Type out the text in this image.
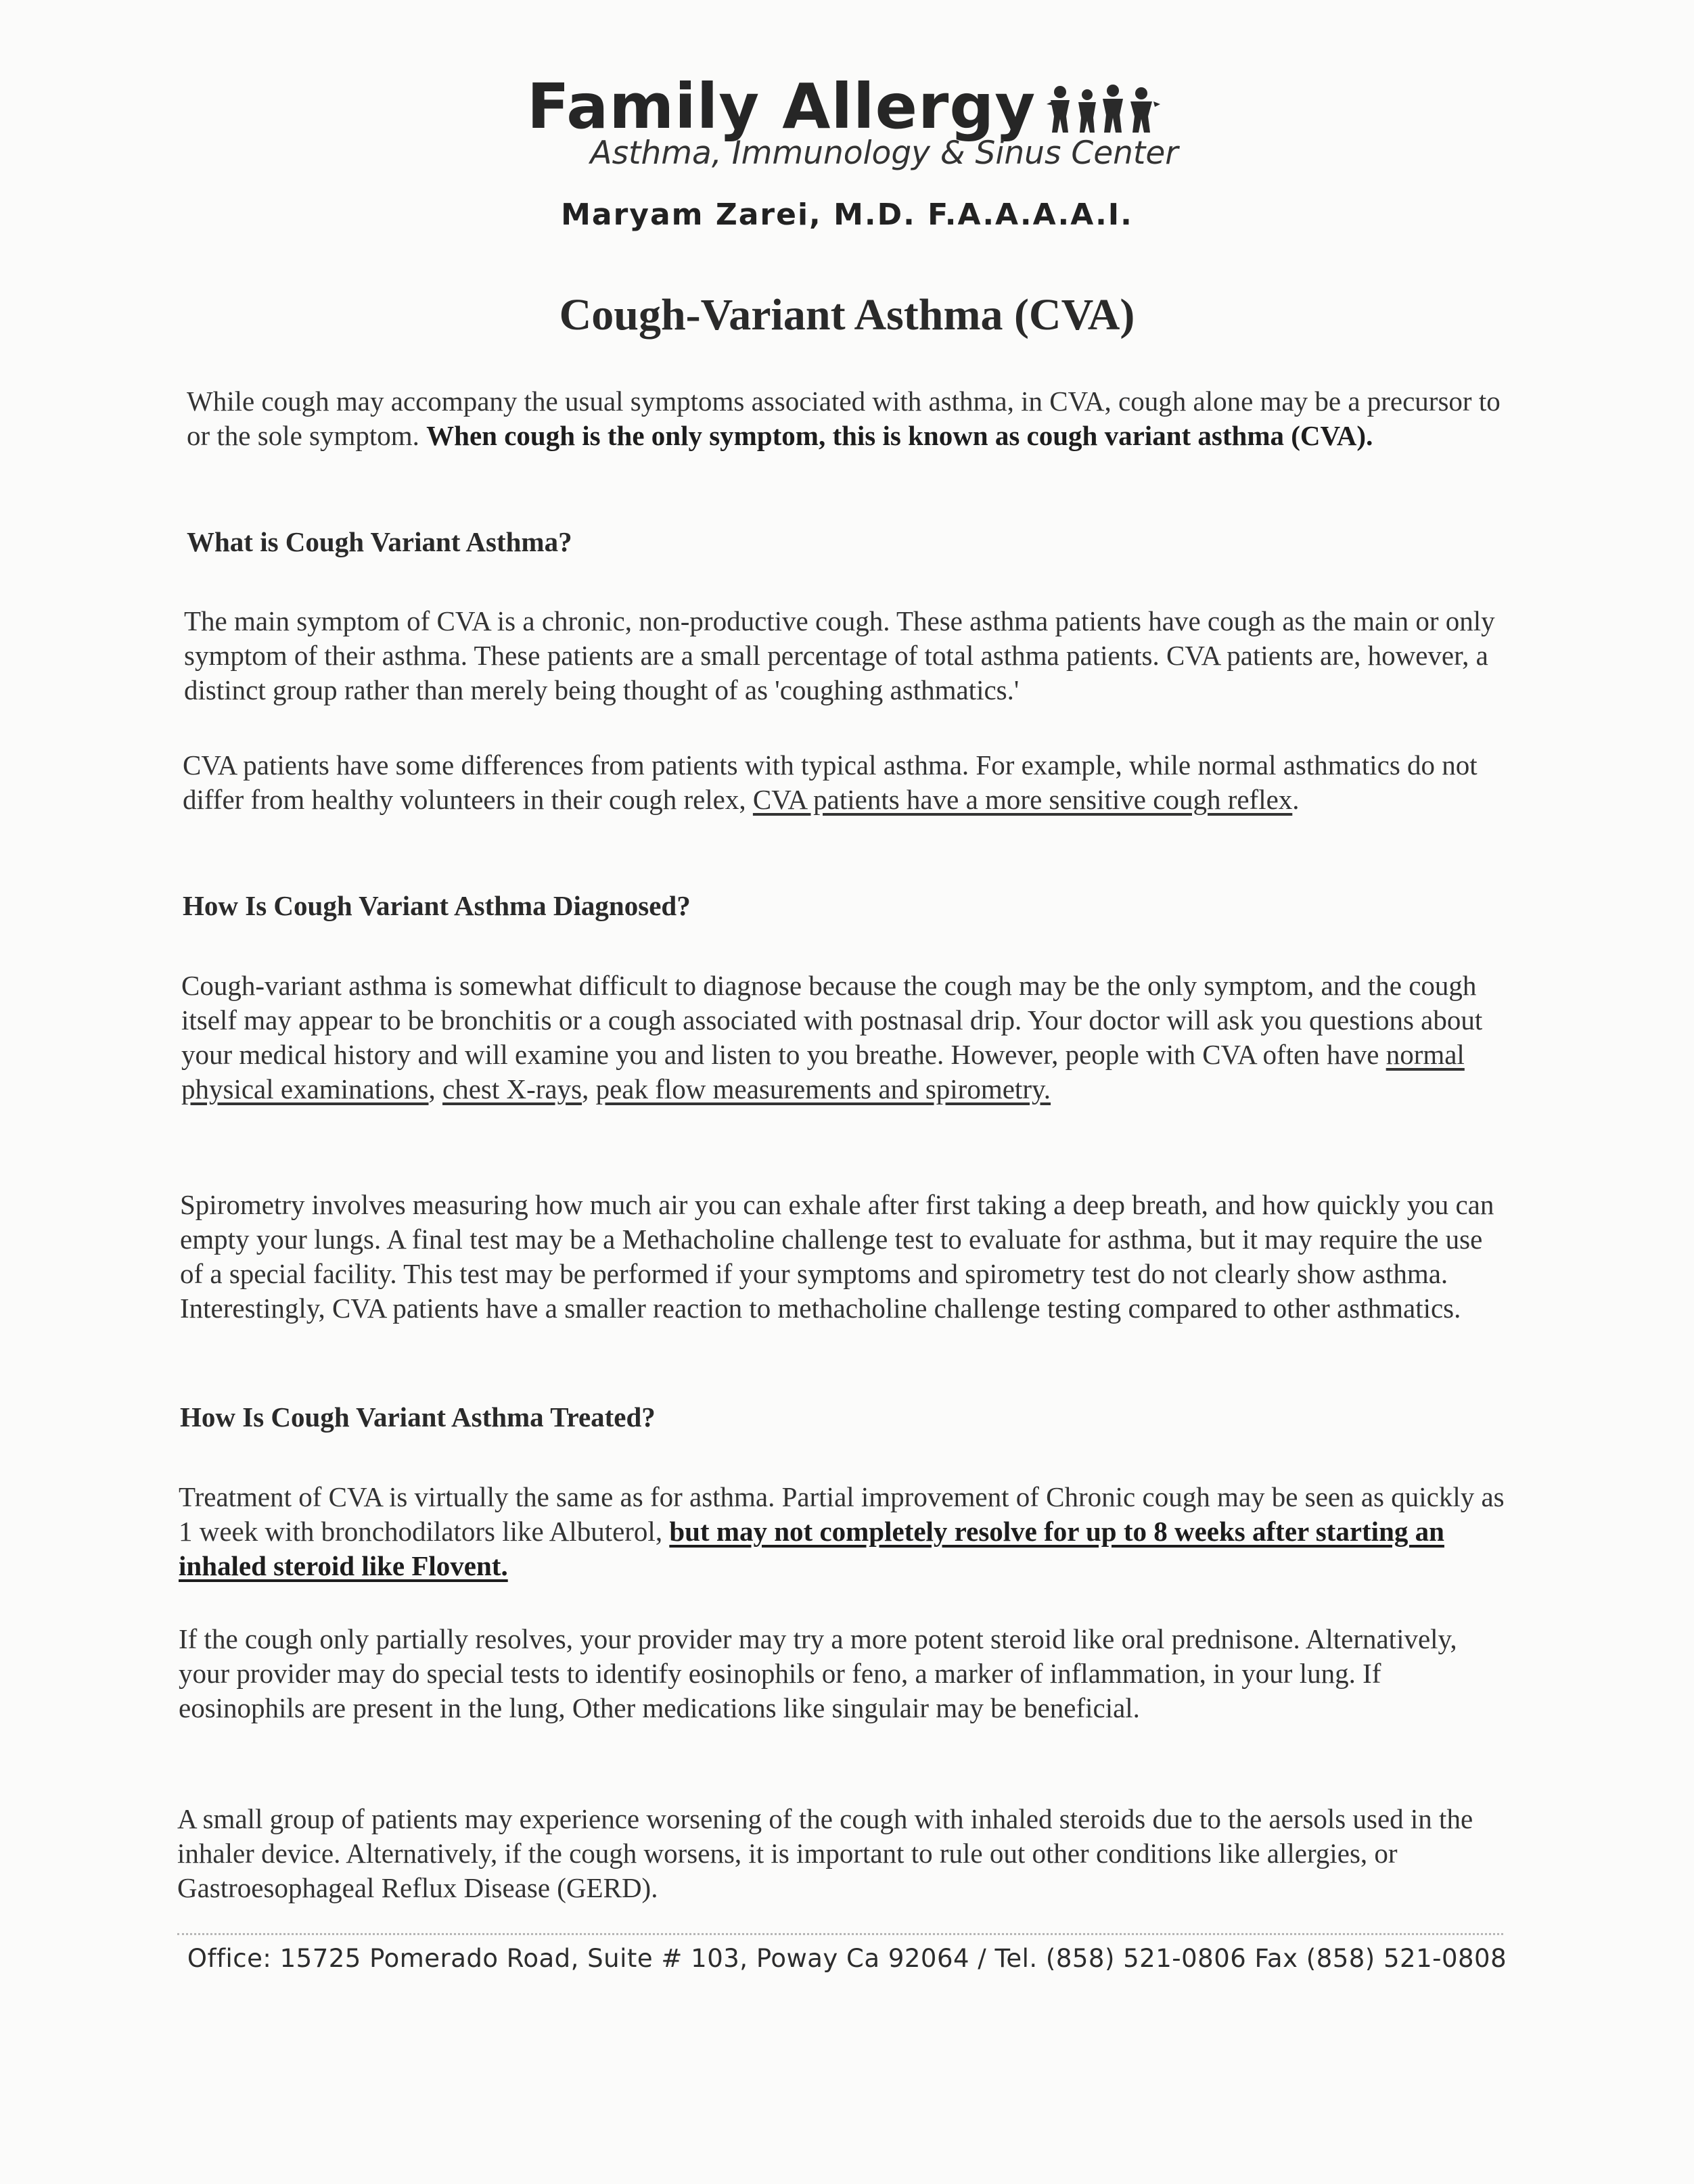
Family Allergy
Asthma, Immunology & Sinus Center
Maryam Zarei, M.D. F.A.A.A.A.I.
Cough-Variant Asthma (CVA)

While cough may accompany the usual symptoms associated with asthma, in CVA, cough alone may be a precursor to or the sole symptom. When cough is the only symptom, this is known as cough variant asthma (CVA).

What is Cough Variant Asthma?

The main symptom of CVA is a chronic, non-productive cough. These asthma patients have cough as the main or only symptom of their asthma. These patients are a small percentage of total asthma patients. CVA patients are, however, a distinct group rather than merely being thought of as 'coughing asthmatics.'

CVA patients have some differences from patients with typical asthma. For example, while normal asthmatics do not differ from healthy volunteers in their cough relex, CVA patients have a more sensitive cough reflex.

How Is Cough Variant Asthma Diagnosed?

Cough-variant asthma is somewhat difficult to diagnose because the cough may be the only symptom, and the cough itself may appear to be bronchitis or a cough associated with postnasal drip. Your doctor will ask you questions about your medical history and will examine you and listen to you breathe. However, people with CVA often have normal physical examinations, chest X-rays, peak flow measurements and spirometry.

Spirometry involves measuring how much air you can exhale after first taking a deep breath, and how quickly you can empty your lungs. A final test may be a Methacholine challenge test to evaluate for asthma, but it may require the use of a special facility. This test may be performed if your symptoms and spirometry test do not clearly show asthma. Interestingly, CVA patients have a smaller reaction to methacholine challenge testing compared to other asthmatics.

How Is Cough Variant Asthma Treated?

Treatment of CVA is virtually the same as for asthma. Partial improvement of Chronic cough may be seen as quickly as 1 week with bronchodilators like Albuterol, but may not completely resolve for up to 8 weeks after starting an inhaled steroid like Flovent.

If the cough only partially resolves, your provider may try a more potent steroid like oral prednisone. Alternatively, your provider may do special tests to identify eosinophils or feno, a marker of inflammation, in your lung. If eosinophils are present in the lung, Other medications like singulair may be beneficial.

A small group of patients may experience worsening of the cough with inhaled steroids due to the aersols used in the inhaler device. Alternatively, if the cough worsens, it is important to rule out other conditions like allergies, or Gastroesophageal Reflux Disease (GERD).

Office: 15725 Pomerado Road, Suite # 103, Poway Ca 92064 / Tel. (858) 521-0806 Fax (858) 521-0808
